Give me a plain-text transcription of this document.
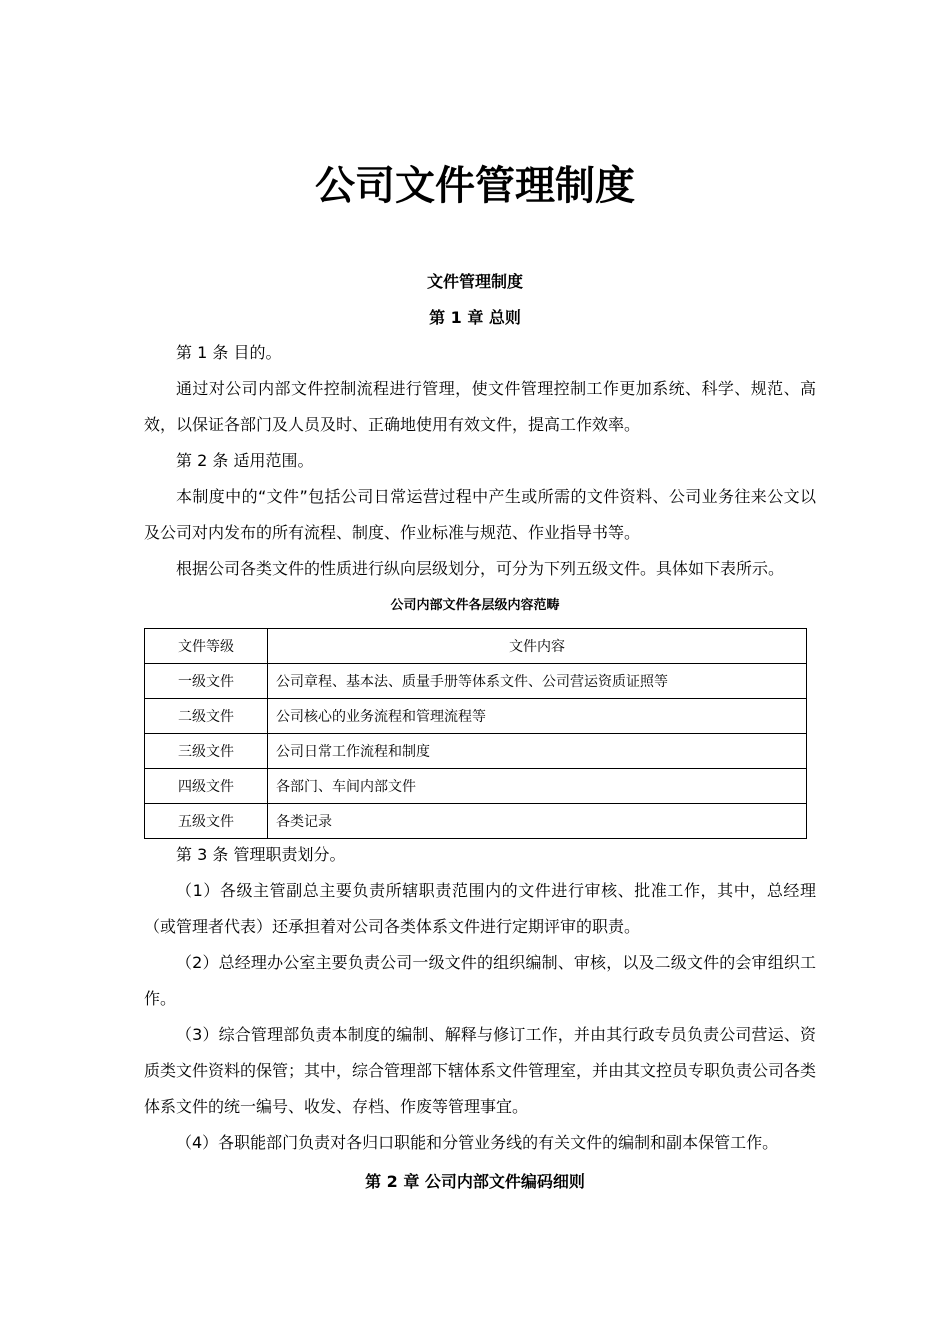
公司文件管理制度
文件管理制度
第 1 章 总则

第 1 条 目的。

通过对公司内部文件控制流程进行管理，使文件管理控制工作更加系统、科学、规范、高效，以保证各部门及人员及时、正确地使用有效文件，提高工作效率。

第 2 条 适用范围。

本制度中的“文件”包括公司日常运营过程中产生或所需的文件资料、公司业务往来公文以及公司对内发布的所有流程、制度、作业标准与规范、作业指导书等。

根据公司各类文件的性质进行纵向层级划分，可分为下列五级文件。具体如下表所示。

公司内部文件各层级内容范畴

文件等级	文件内容
一级文件	公司章程、基本法、质量手册等体系文件、公司营运资质证照等
二级文件	公司核心的业务流程和管理流程等
三级文件	公司日常工作流程和制度
四级文件	各部门、车间内部文件
五级文件	各类记录

第 3 条 管理职责划分。

（1）各级主管副总主要负责所辖职责范围内的文件进行审核、批准工作，其中，总经理（或管理者代表）还承担着对公司各类体系文件进行定期评审的职责。

（2）总经理办公室主要负责公司一级文件的组织编制、审核，以及二级文件的会审组织工作。

（3）综合管理部负责本制度的编制、解释与修订工作，并由其行政专员负责公司营运、资质类文件资料的保管；其中，综合管理部下辖体系文件管理室，并由其文控员专职负责公司各类体系文件的统一编号、收发、存档、作废等管理事宜。

（4）各职能部门负责对各归口职能和分管业务线的有关文件的编制和副本保管工作。

第 2 章 公司内部文件编码细则
